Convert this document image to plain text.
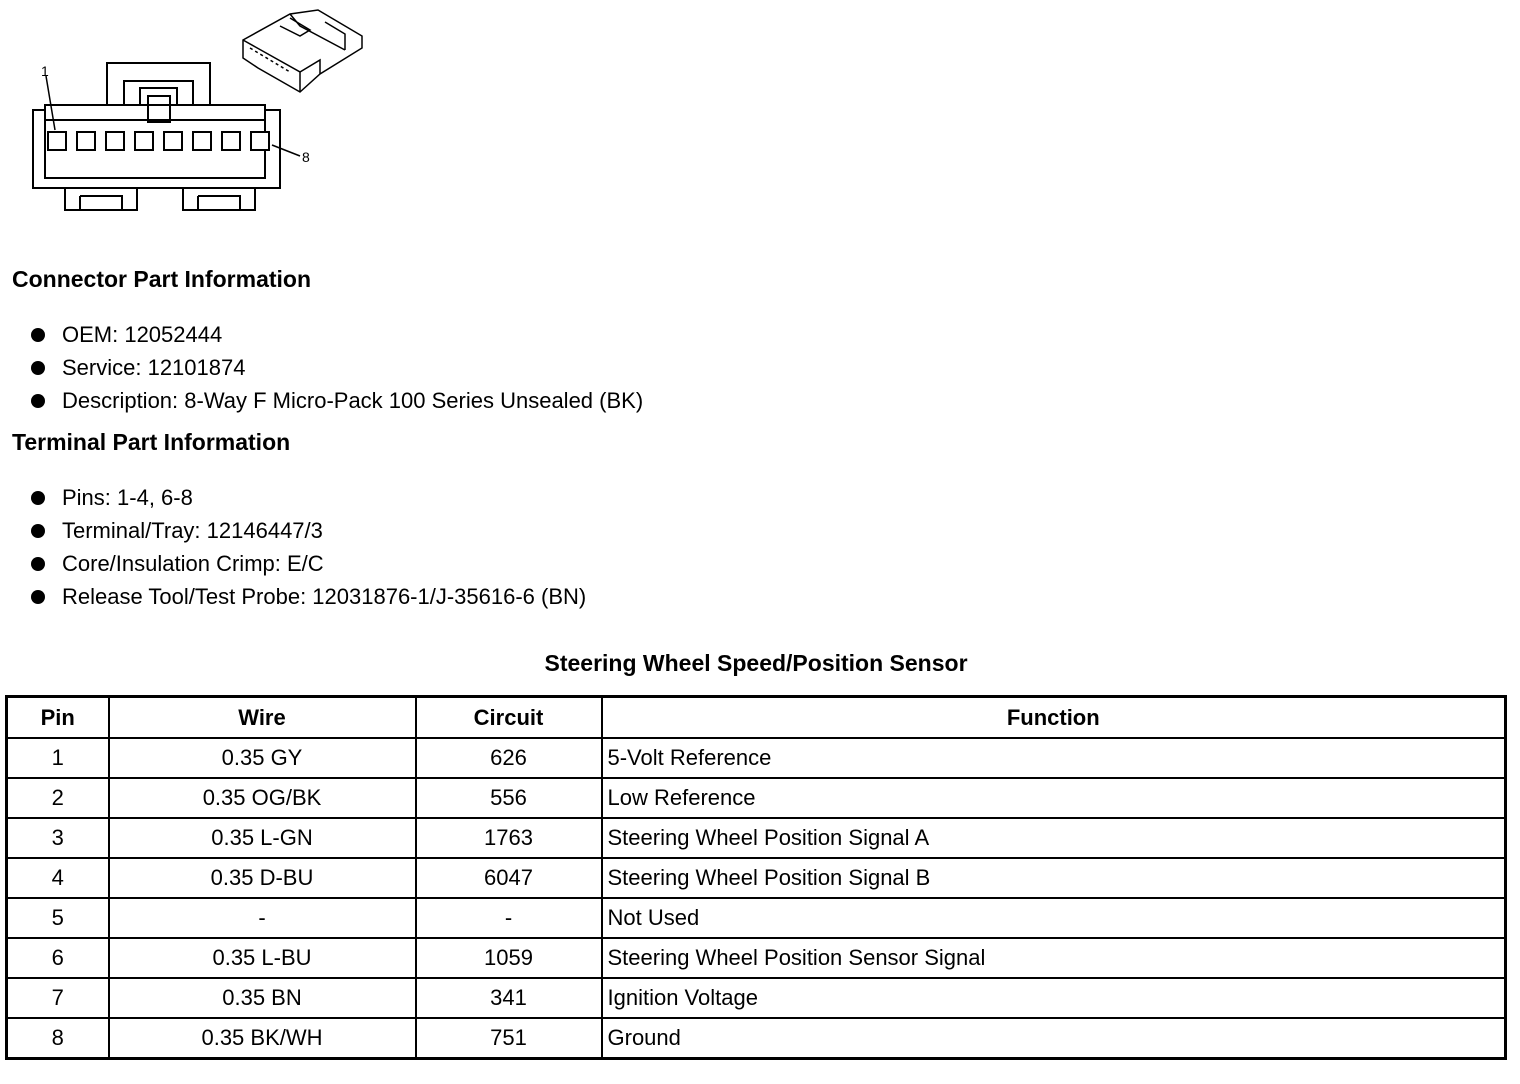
1
8
Connector Part Information
OEM: 12052444
Service: 12101874
Description: 8-Way F Micro-Pack 100 Series Unsealed (BK)
Terminal Part Information
Pins: 1-4, 6-8
Terminal/Tray: 12146447/3
Core/Insulation Crimp: E/C
Release Tool/Test Probe: 12031876-1/J-35616-6 (BN)
Steering Wheel Speed/Position Sensor
Pin	Wire	Circuit	Function
1	0.35 GY	626	5-Volt Reference
2	0.35 OG/BK	556	Low Reference
3	0.35 L-GN	1763	Steering Wheel Position Signal A
4	0.35 D-BU	6047	Steering Wheel Position Signal B
5	-	-	Not Used
6	0.35 L-BU	1059	Steering Wheel Position Sensor Signal
7	0.35 BN	341	Ignition Voltage
8	0.35 BK/WH	751	Ground
